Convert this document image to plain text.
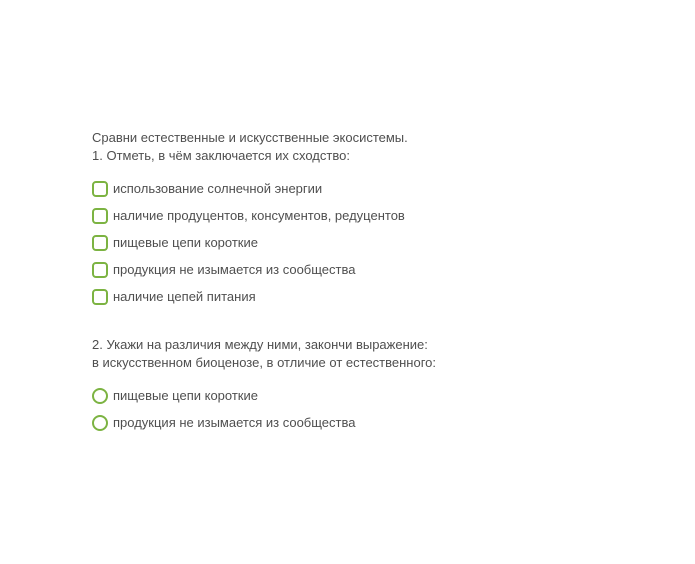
Сравни естественные и искусственные экосистемы.
1. Отметь, в чём заключается их сходство:
использование солнечной энергии
наличие продуцентов, консументов, редуцентов
пищевые цепи короткие
продукция не изымается из сообщества
наличие цепей питания
2. Укажи на различия между ними, закончи выражение:
в искусственном биоценозе, в отличие от естественного:
пищевые цепи короткие
продукция не изымается из сообщества
